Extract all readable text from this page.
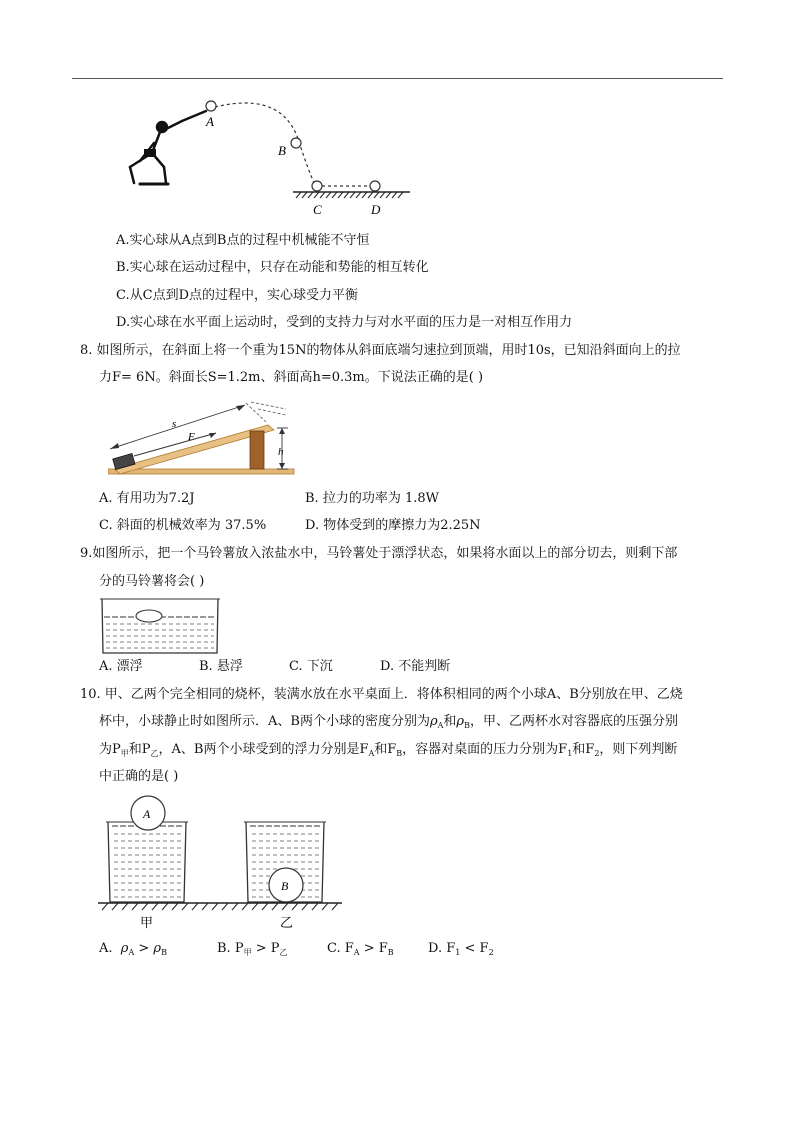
A
B
C	D
A.实心球从A点到B点的过程中机械能不守恒
B.实心球在运动过程中，只存在动能和势能的相互转化
C.从C点到D点的过程中，实心球受力平衡
D.实心球在水平面上运动时，受到的支持力与对水平面的压力是一对相互作用力
8. 如图所示，在斜面上将一个重为15N的物体从斜面底端匀速拉到顶端，用时10s，已知沿斜面向上的拉
力F= 6N。斜面长S=1.2m、斜面高h=0.3m。下说法正确的是( )
s
F
h
A. 有用功为7.2J	B. 拉力的功率为 1.8W
C. 斜面的机械效率为 37.5%	D. 物体受到的摩擦力为2.25N
9.如图所示，把一个马铃薯放入浓盐水中，马铃薯处于漂浮状态，如果将水面以上的部分切去，则剩下部
分的马铃薯将会( )
A. 漂浮	B. 悬浮	C. 下沉	D. 不能判断
10. 甲、乙两个完全相同的烧杯，装满水放在水平桌面上．将体积相同的两个小球A、B分别放在甲、乙烧
杯中，小球静止时如图所示．A、B两个小球的密度分别为$\rho_A$和$\rho_B$，甲、乙两杯水对容器底的压强分别
为$P_甲$和$P_乙$，A、B两个小球受到的浮力分别是$F_A$和$F_B$，容器对桌面的压力分别为$F_1$和$F_2$，则下列判断
中正确的是( )
A
B
甲	乙
A. $\rho_A > \rho_B$	B. $P_甲 > P_乙$	C. $F_A > F_B$	D. $F_1 < F_2$
